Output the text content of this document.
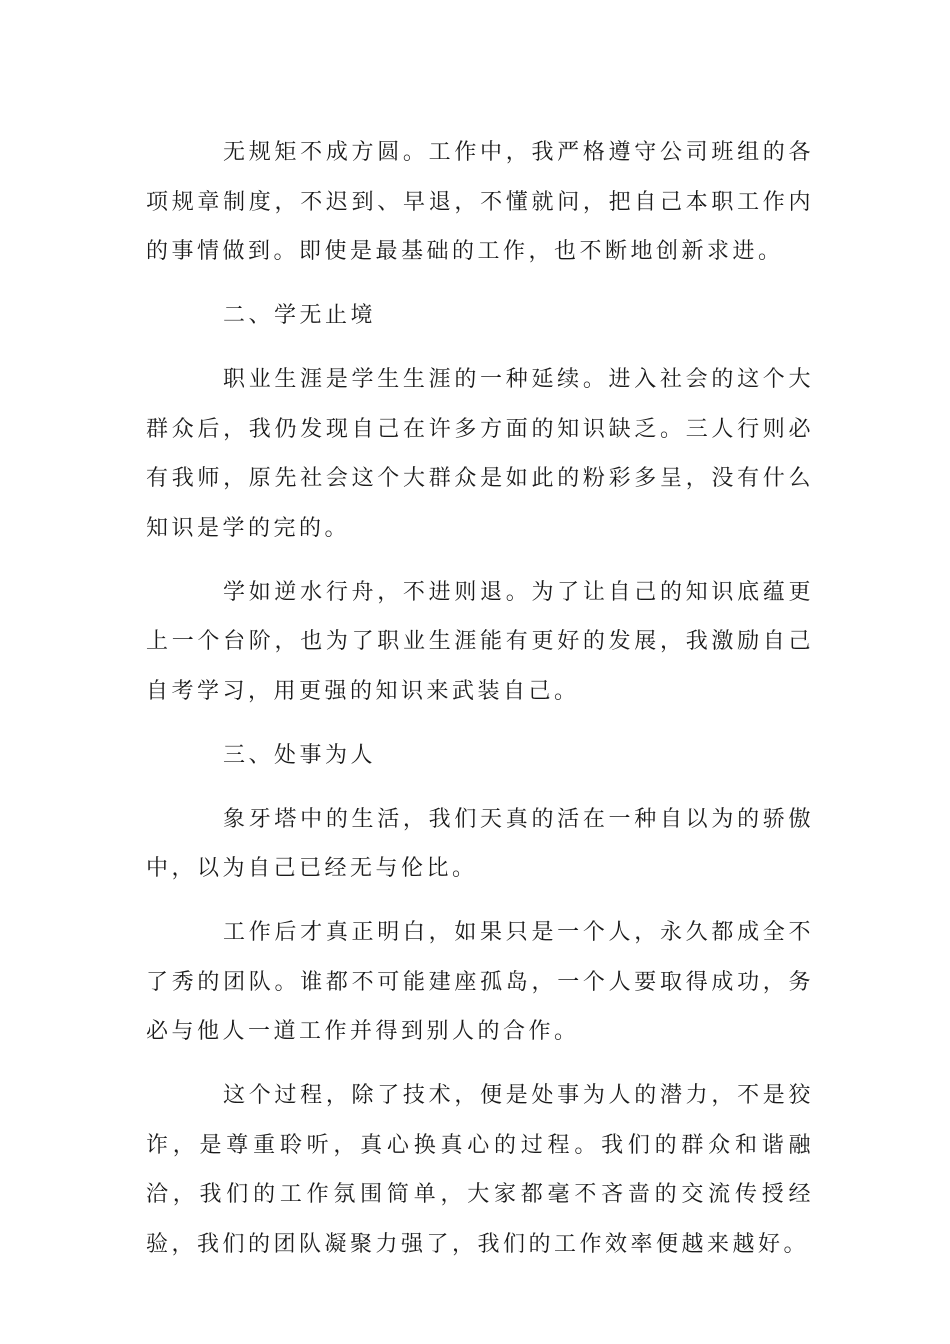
无规矩不成方圆。工作中，我严格遵守公司班组的各项规章制度，不迟到、早退，不懂就问，把自己本职工作内的事情做到。即使是最基础的工作，也不断地创新求进。

二、学无止境

职业生涯是学生生涯的一种延续。进入社会的这个大群众后，我仍发现自己在许多方面的知识缺乏。三人行则必有我师，原先社会这个大群众是如此的粉彩多呈，没有什么知识是学的完的。

学如逆水行舟，不进则退。为了让自己的知识底蕴更上一个台阶，也为了职业生涯能有更好的发展，我激励自己自考学习，用更强的知识来武装自己。

三、处事为人

象牙塔中的生活，我们天真的活在一种自以为的骄傲中，以为自己已经无与伦比。

工作后才真正明白，如果只是一个人，永久都成全不了秀的团队。谁都不可能建座孤岛，一个人要取得成功，务必与他人一道工作并得到别人的合作。

这个过程，除了技术，便是处事为人的潜力，不是狡诈，是尊重聆听，真心换真心的过程。我们的群众和谐融洽，我们的工作氛围简单，大家都毫不吝啬的交流传授经验，我们的团队凝聚力强了，我们的工作效率便越来越好。
